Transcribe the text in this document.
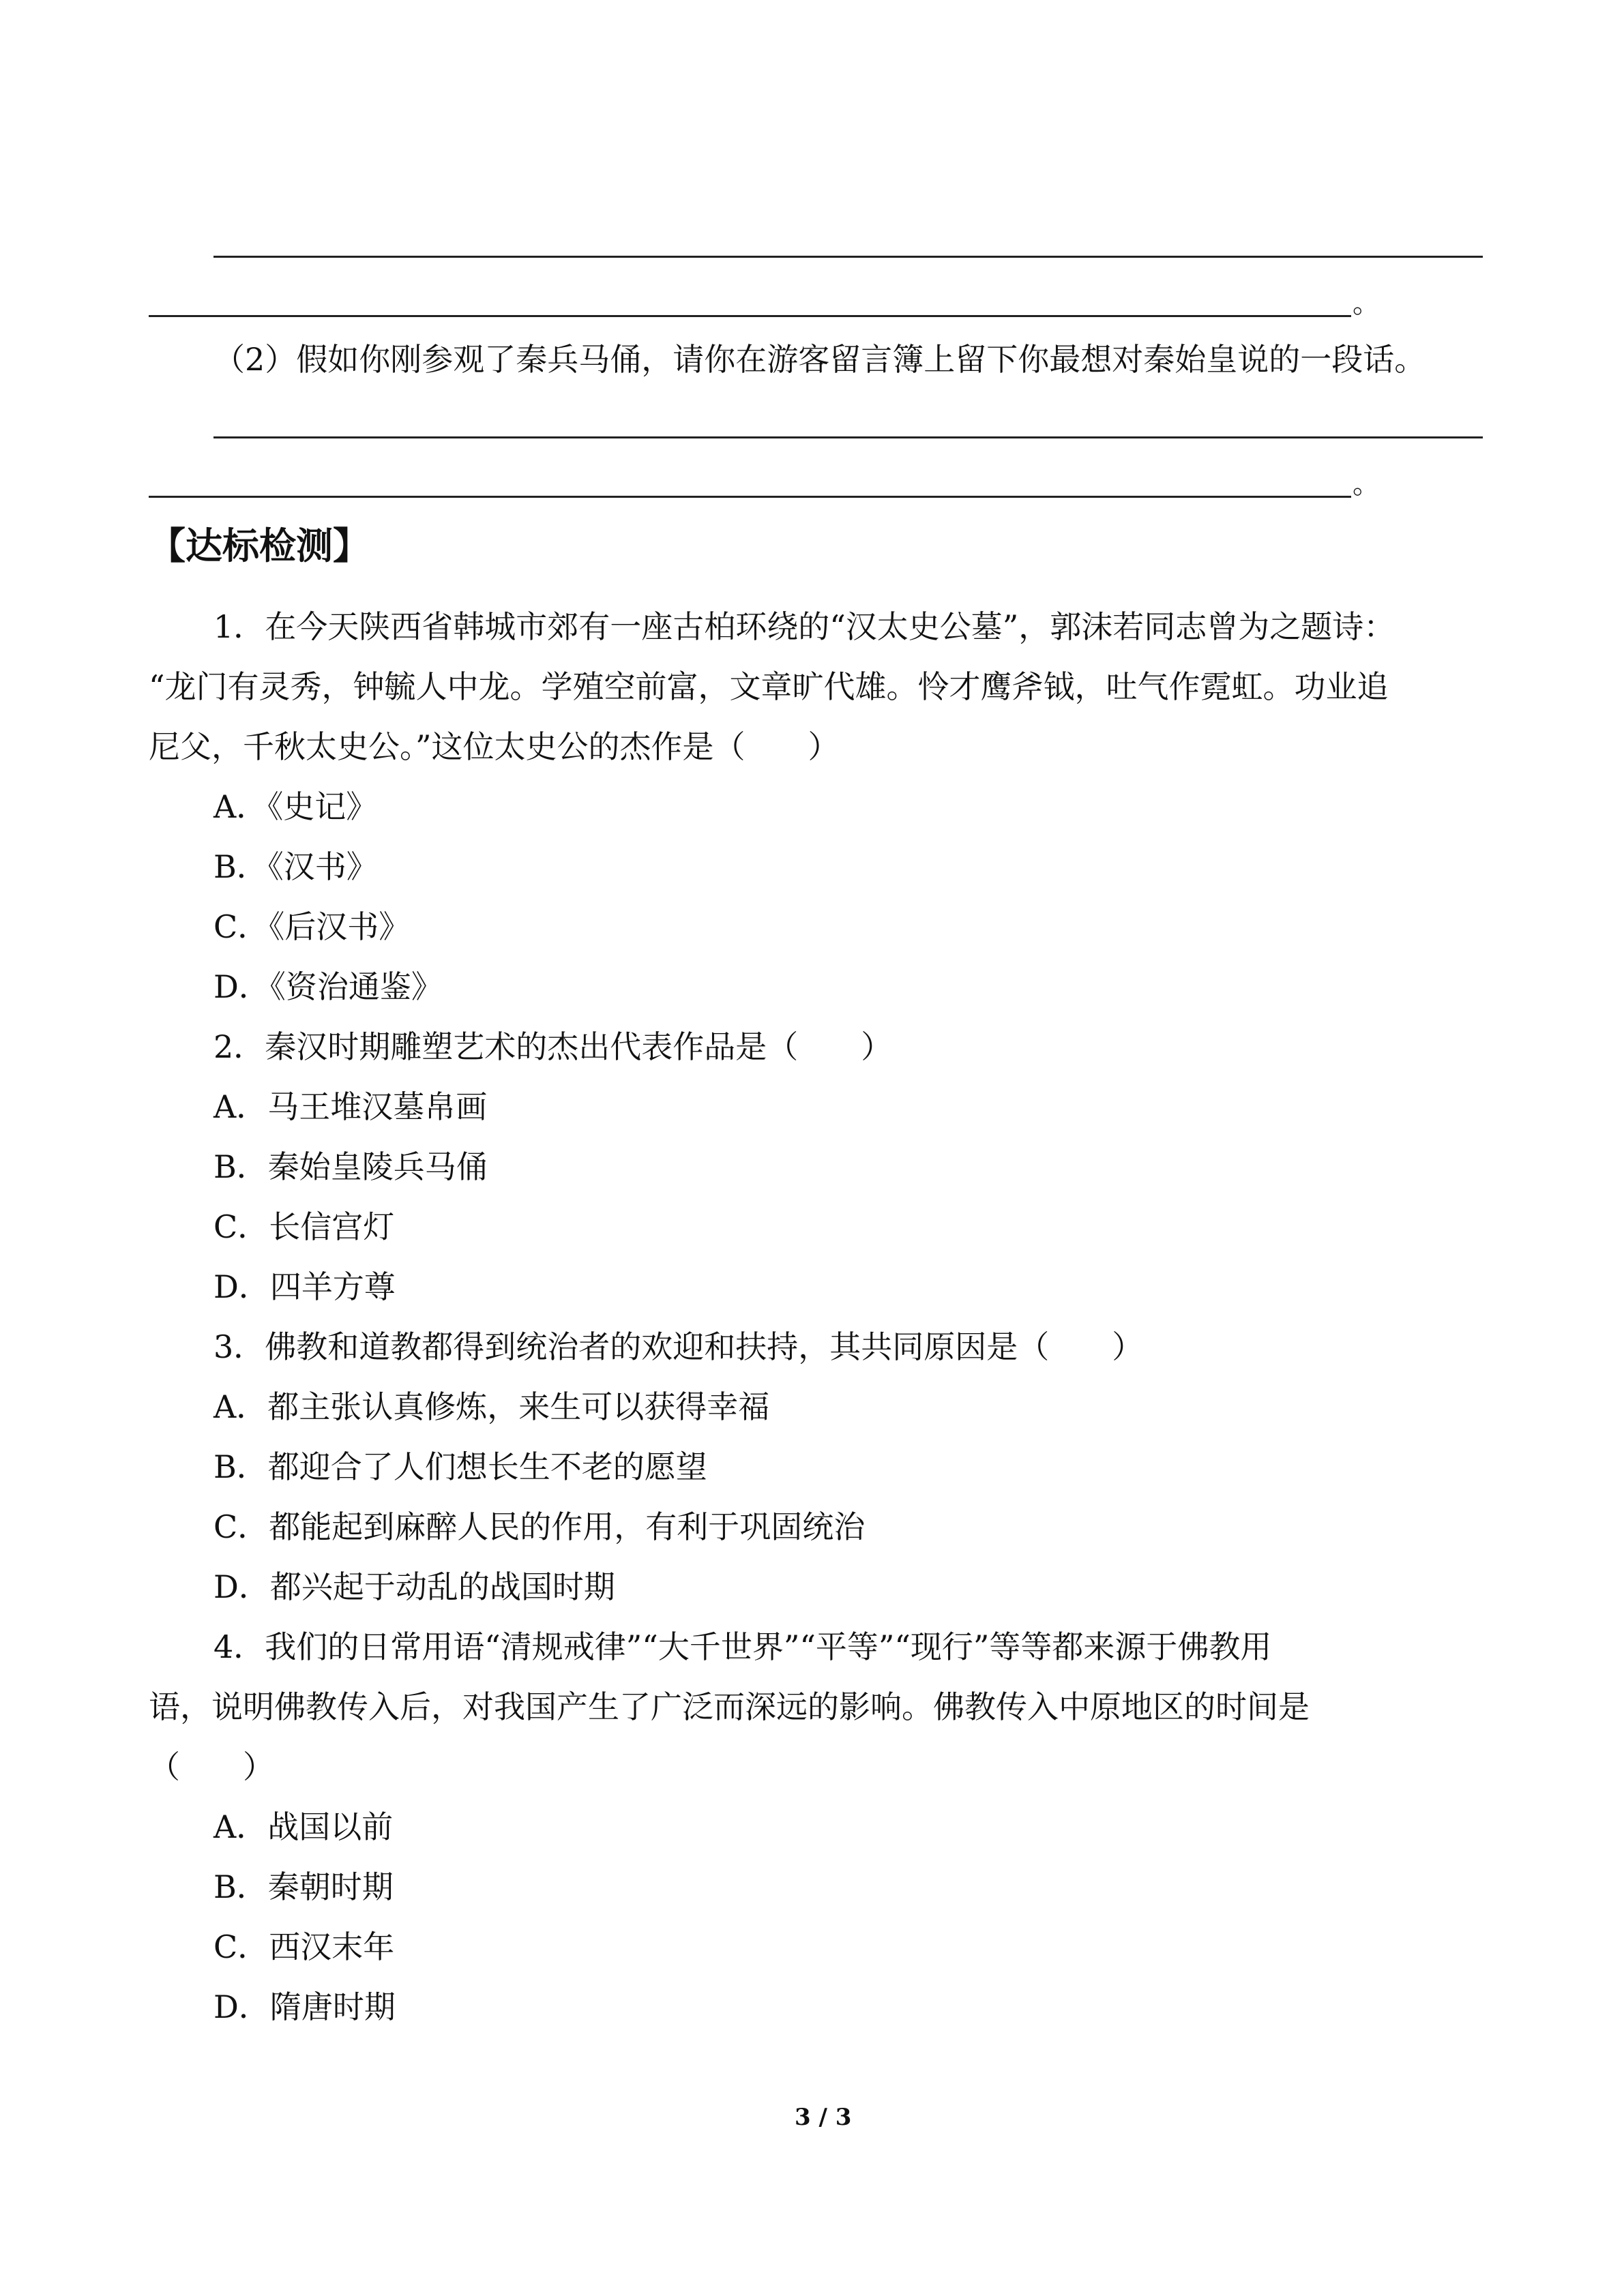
。
（2）假如你刚参观了秦兵马俑，请你在游客留言簿上留下你最想对秦始皇说的一段话。
。
【达标检测】
1．在今天陕西省韩城市郊有一座古柏环绕的“汉太史公墓”，郭沫若同志曾为之题诗：
“龙门有灵秀，钟毓人中龙。学殖空前富，文章旷代雄。怜才鹰斧钺，吐气作霓虹。功业追
尼父，千秋太史公。”这位太史公的杰作是（　　）
A．《史记》
B．《汉书》
C．《后汉书》
D．《资治通鉴》
2．秦汉时期雕塑艺术的杰出代表作品是（　　）
A．马王堆汉墓帛画
B．秦始皇陵兵马俑
C．长信宫灯
D．四羊方尊
3．佛教和道教都得到统治者的欢迎和扶持，其共同原因是（　　）
A．都主张认真修炼，来生可以获得幸福
B．都迎合了人们想长生不老的愿望
C．都能起到麻醉人民的作用，有利于巩固统治
D．都兴起于动乱的战国时期
4．我们的日常用语“清规戒律”“大千世界”“平等”“现行”等等都来源于佛教用
语，说明佛教传入后，对我国产生了广泛而深远的影响。佛教传入中原地区的时间是
（　　）
A．战国以前
B．秦朝时期
C．西汉末年
D．隋唐时期
3 / 3
